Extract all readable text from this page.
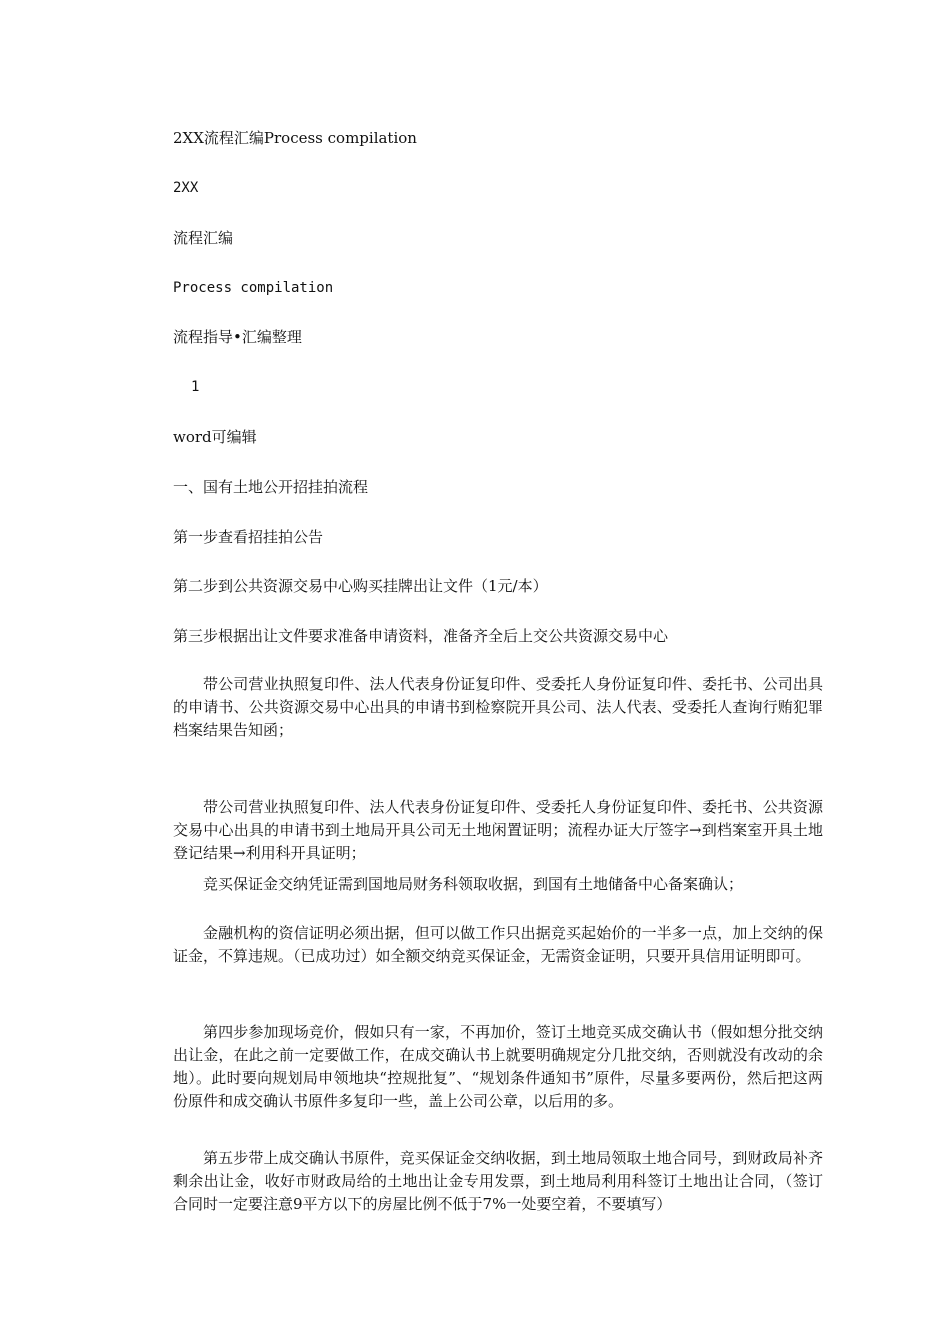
2XX流程汇编Process compilation
2XX
流程汇编
Process compilation
流程指导•汇编整理
1
word可编辑
一、国有土地公开招挂拍流程
第一步查看招挂拍公告
第二步到公共资源交易中心购买挂牌出让文件（1元/本）
第三步根据出让文件要求准备申请资料，准备齐全后上交公共资源交易中心
带公司营业执照复印件、法人代表身份证复印件、受委托人身份证复印件、委托书、公司出具的申请书、公共资源交易中心出具的申请书到检察院开具公司、法人代表、受委托人查询行贿犯罪档案结果告知函；
带公司营业执照复印件、法人代表身份证复印件、受委托人身份证复印件、委托书、公共资源交易中心出具的申请书到土地局开具公司无土地闲置证明；流程办证大厅签字→到档案室开具土地登记结果→利用科开具证明；
竞买保证金交纳凭证需到国地局财务科领取收据，到国有土地储备中心备案确认；
金融机构的资信证明必须出据，但可以做工作只出据竞买起始价的一半多一点，加上交纳的保证金，不算违规。（已成功过）如全额交纳竞买保证金，无需资金证明，只要开具信用证明即可。
第四步参加现场竞价，假如只有一家，不再加价，签订土地竞买成交确认书（假如想分批交纳出让金，在此之前一定要做工作，在成交确认书上就要明确规定分几批交纳，否则就没有改动的余地）。此时要向规划局申领地块“控规批复”、“规划条件通知书”原件，尽量多要两份，然后把这两份原件和成交确认书原件多复印一些，盖上公司公章，以后用的多。
第五步带上成交确认书原件，竞买保证金交纳收据，到土地局领取土地合同号，到财政局补齐剩余出让金，收好市财政局给的土地出让金专用发票，到土地局利用科签订土地出让合同，（签订合同时一定要注意9平方以下的房屋比例不低于7%一处要空着，不要填写）
